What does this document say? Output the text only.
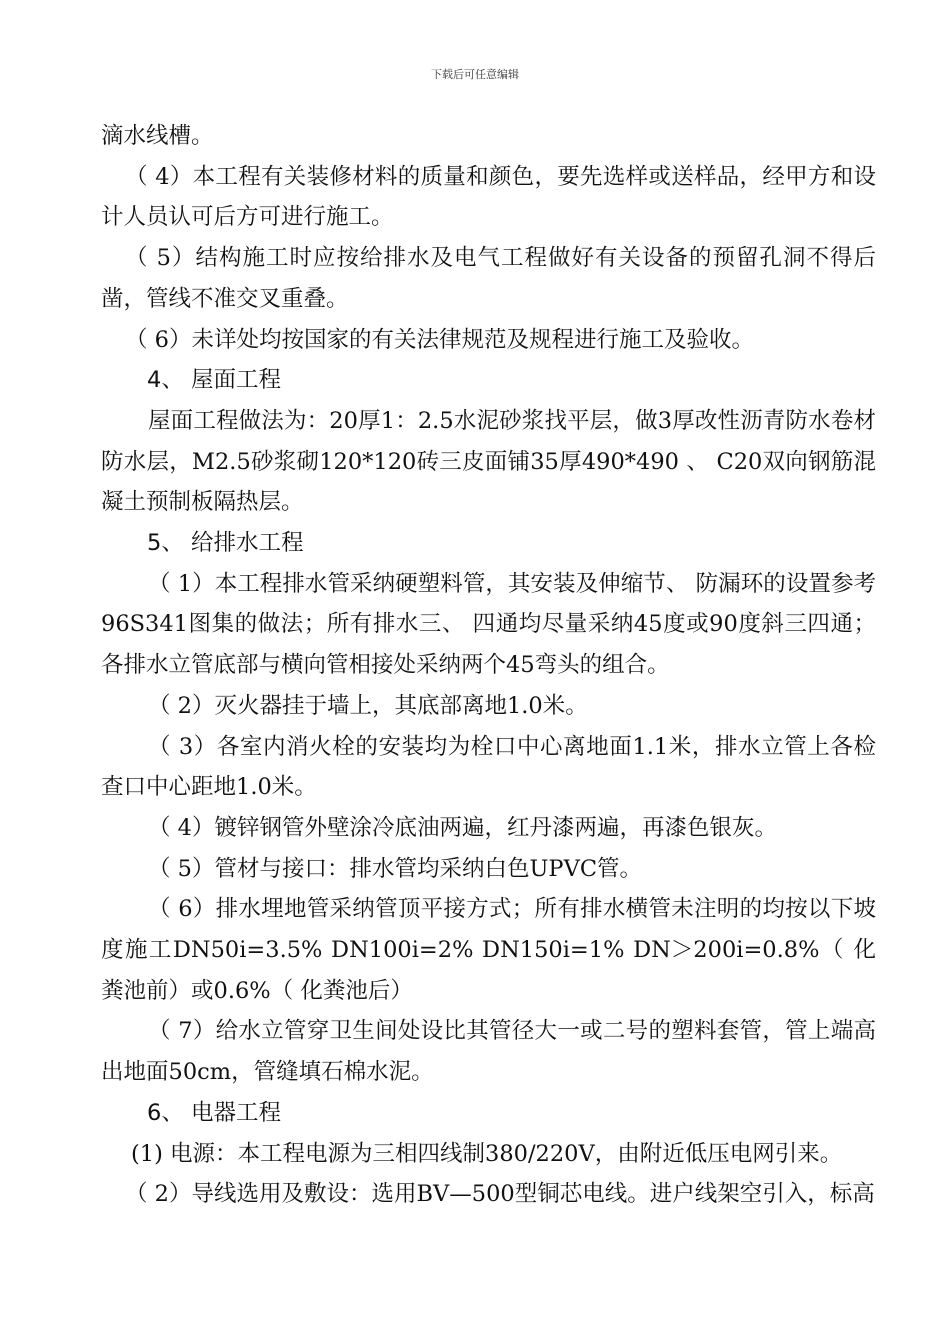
下载后可任意编辑

滴水线槽。

（ 4）本工程有关装修材料的质量和颜色，要先选样或送样品，经甲方和设计人员认可后方可进行施工。

（ 5）结构施工时应按给排水及电气工程做好有关设备的预留孔洞不得后凿，管线不准交叉重叠。

（ 6）未详处均按国家的有关法律规范及规程进行施工及验收。

4、 屋面工程

屋面工程做法为：20厚1：2.5水泥砂浆找平层，做3厚改性沥青防水卷材防水层，M2.5砂浆砌120*120砖三皮面铺35厚490*490 、 C20双向钢筋混凝土预制板隔热层。

5、 给排水工程

（ 1）本工程排水管采纳硬塑料管，其安装及伸缩节、 防漏环的设置参考96S341图集的做法；所有排水三、 四通均尽量采纳45度或90度斜三四通；各排水立管底部与横向管相接处采纳两个45弯头的组合。

（ 2）灭火器挂于墙上，其底部离地1.0米。

（ 3）各室内消火栓的安装均为栓口中心离地面1.1米，排水立管上各检查口中心距地1.0米。

（ 4）镀锌钢管外壁涂冷底油两遍，红丹漆两遍，再漆色银灰。

（ 5）管材与接口：排水管均采纳白色UPVC管。

（ 6）排水埋地管采纳管顶平接方式；所有排水横管未注明的均按以下坡度施工DN50i=3.5% DN100i=2% DN150i=1% DN＞200i=0.8%（ 化粪池前）或0.6%（ 化粪池后）

（ 7）给水立管穿卫生间处设比其管径大一或二号的塑料套管，管上端高出地面50cm，管缝填石棉水泥。

6、 电器工程

(1) 电源：本工程电源为三相四线制380/220V，由附近低压电网引来。

（ 2）导线选用及敷设：选用BV—500型铜芯电线。进户线架空引入，标高
